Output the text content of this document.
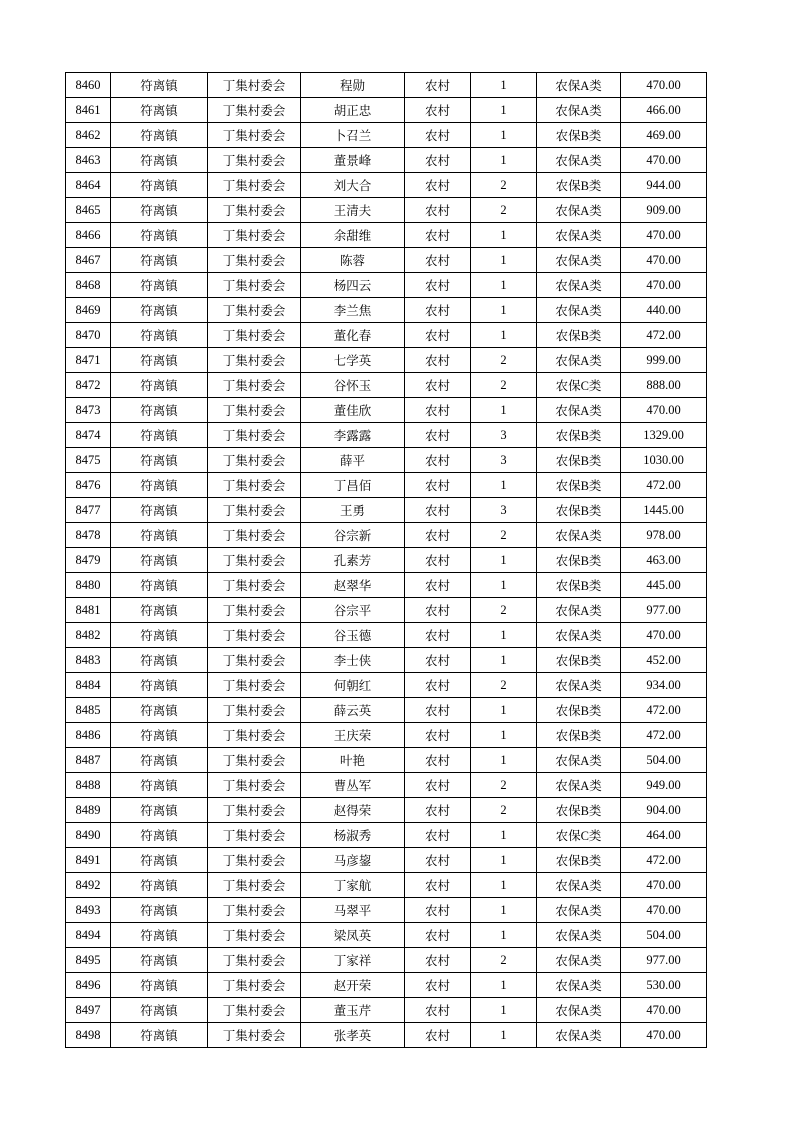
8460	符离镇	丁集村委会	程勋	农村	1	农保A类	470.00
8461	符离镇	丁集村委会	胡正忠	农村	1	农保A类	466.00
8462	符离镇	丁集村委会	卜召兰	农村	1	农保B类	469.00
8463	符离镇	丁集村委会	董景峰	农村	1	农保A类	470.00
8464	符离镇	丁集村委会	刘大合	农村	2	农保B类	944.00
8465	符离镇	丁集村委会	王清夫	农村	2	农保A类	909.00
8466	符离镇	丁集村委会	余甜维	农村	1	农保A类	470.00
8467	符离镇	丁集村委会	陈蓉	农村	1	农保A类	470.00
8468	符离镇	丁集村委会	杨四云	农村	1	农保A类	470.00
8469	符离镇	丁集村委会	李兰焦	农村	1	农保A类	440.00
8470	符离镇	丁集村委会	董化春	农村	1	农保B类	472.00
8471	符离镇	丁集村委会	七学英	农村	2	农保A类	999.00
8472	符离镇	丁集村委会	谷怀玉	农村	2	农保C类	888.00
8473	符离镇	丁集村委会	董佳欣	农村	1	农保A类	470.00
8474	符离镇	丁集村委会	李露露	农村	3	农保B类	1329.00
8475	符离镇	丁集村委会	薛平	农村	3	农保B类	1030.00
8476	符离镇	丁集村委会	丁昌佰	农村	1	农保B类	472.00
8477	符离镇	丁集村委会	王勇	农村	3	农保B类	1445.00
8478	符离镇	丁集村委会	谷宗新	农村	2	农保A类	978.00
8479	符离镇	丁集村委会	孔素芳	农村	1	农保B类	463.00
8480	符离镇	丁集村委会	赵翠华	农村	1	农保B类	445.00
8481	符离镇	丁集村委会	谷宗平	农村	2	农保A类	977.00
8482	符离镇	丁集村委会	谷玉德	农村	1	农保A类	470.00
8483	符离镇	丁集村委会	李士侠	农村	1	农保B类	452.00
8484	符离镇	丁集村委会	何朝红	农村	2	农保A类	934.00
8485	符离镇	丁集村委会	薛云英	农村	1	农保B类	472.00
8486	符离镇	丁集村委会	王庆荣	农村	1	农保B类	472.00
8487	符离镇	丁集村委会	叶艳	农村	1	农保A类	504.00
8488	符离镇	丁集村委会	曹丛军	农村	2	农保A类	949.00
8489	符离镇	丁集村委会	赵得荣	农村	2	农保B类	904.00
8490	符离镇	丁集村委会	杨淑秀	农村	1	农保C类	464.00
8491	符离镇	丁集村委会	马彦鋆	农村	1	农保B类	472.00
8492	符离镇	丁集村委会	丁家航	农村	1	农保A类	470.00
8493	符离镇	丁集村委会	马翠平	农村	1	农保A类	470.00
8494	符离镇	丁集村委会	梁凤英	农村	1	农保A类	504.00
8495	符离镇	丁集村委会	丁家祥	农村	2	农保A类	977.00
8496	符离镇	丁集村委会	赵开荣	农村	1	农保A类	530.00
8497	符离镇	丁集村委会	董玉芹	农村	1	农保A类	470.00
8498	符离镇	丁集村委会	张孝英	农村	1	农保A类	470.00
